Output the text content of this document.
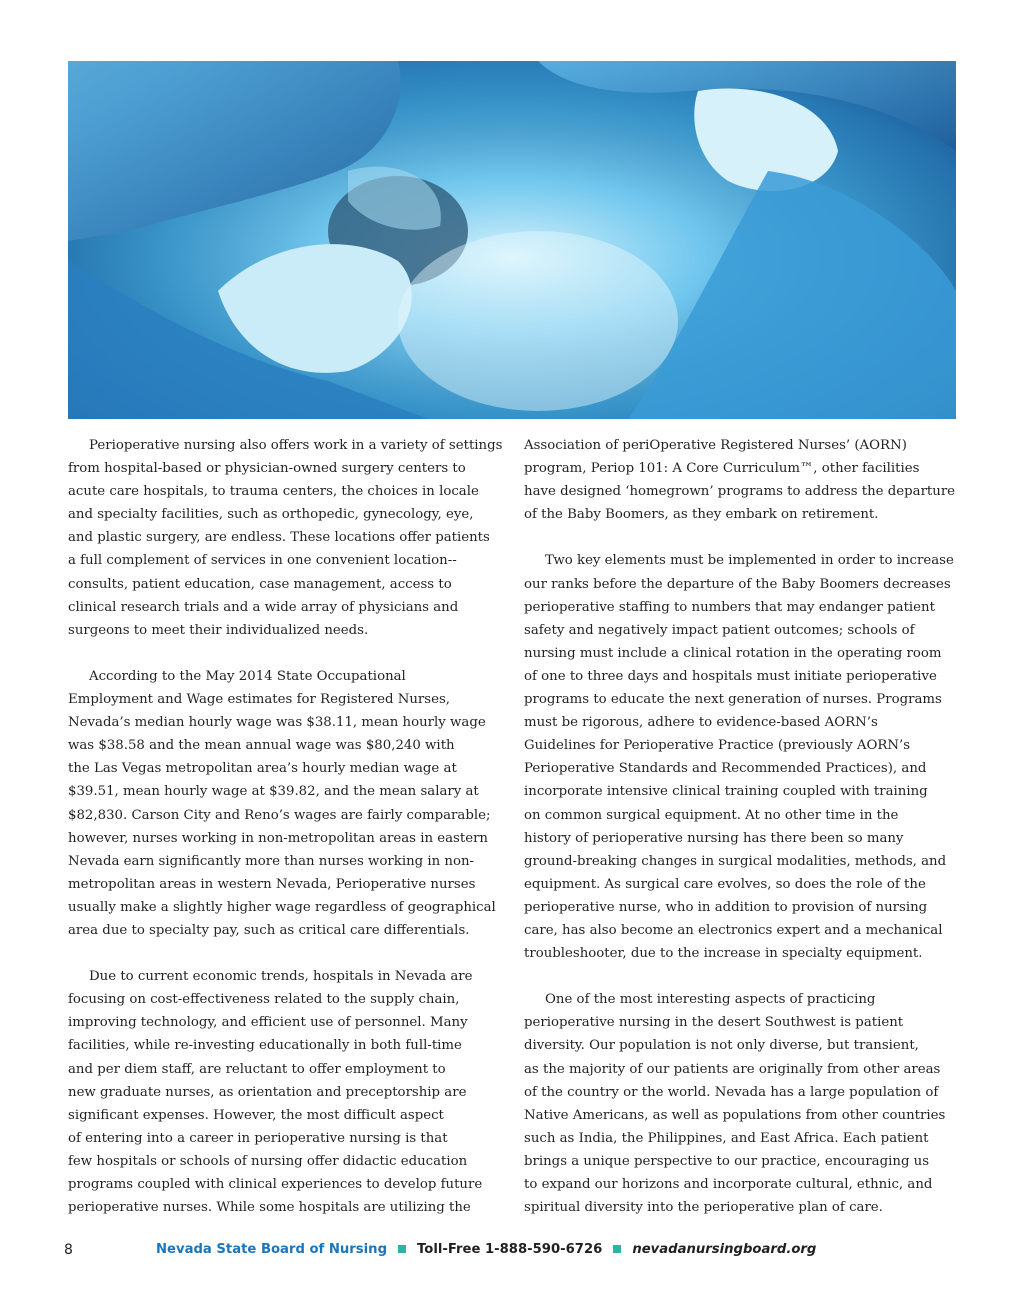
Perioperative nursing also offers work in a variety of settings

from hospital-based or physician-owned surgery centers to

acute care hospitals, to trauma centers, the choices in locale

and specialty facilities, such as orthopedic, gynecology, eye,

and plastic surgery, are endless. These locations offer patients

a full complement of services in one convenient location--

consults, patient education, case management, access to

clinical research trials and a wide array of physicians and

surgeons to meet their individualized needs.

According to the May 2014 State Occupational

Employment and Wage estimates for Registered Nurses,

Nevada’s median hourly wage was $38.11, mean hourly wage

was $38.58 and the mean annual wage was $80,240 with

the Las Vegas metropolitan area’s hourly median wage at

$39.51, mean hourly wage at $39.82, and the mean salary at

$82,830. Carson City and Reno’s wages are fairly comparable;

however, nurses working in non-metropolitan areas in eastern

Nevada earn significantly more than nurses working in non-

metropolitan areas in western Nevada, Perioperative nurses

usually make a slightly higher wage regardless of geographical

area due to specialty pay, such as critical care differentials.

Due to current economic trends, hospitals in Nevada are

focusing on cost-effectiveness related to the supply chain,

improving technology, and efficient use of personnel. Many

facilities, while re-investing educationally in both full-time

and per diem staff, are reluctant to offer employment to

new graduate nurses, as orientation and preceptorship are

significant expenses. However, the most difficult aspect

of entering into a career in perioperative nursing is that

few hospitals or schools of nursing offer didactic education

programs coupled with clinical experiences to develop future

perioperative nurses. While some hospitals are utilizing the

Association of periOperative Registered Nurses’ (AORN)

program, Periop 101: A Core Curriculum™, other facilities

have designed ‘homegrown’ programs to address the departure

of the Baby Boomers, as they embark on retirement.

Two key elements must be implemented in order to increase

our ranks before the departure of the Baby Boomers decreases

perioperative staffing to numbers that may endanger patient

safety and negatively impact patient outcomes; schools of

nursing must include a clinical rotation in the operating room

of one to three days and hospitals must initiate perioperative

programs to educate the next generation of nurses. Programs

must be rigorous, adhere to evidence-based AORN’s

Guidelines for Perioperative Practice (previously AORN’s

Perioperative Standards and Recommended Practices), and

incorporate intensive clinical training coupled with training

on common surgical equipment. At no other time in the

history of perioperative nursing has there been so many

ground-breaking changes in surgical modalities, methods, and

equipment. As surgical care evolves, so does the role of the

perioperative nurse, who in addition to provision of nursing

care, has also become an electronics expert and a mechanical

troubleshooter, due to the increase in specialty equipment.

One of the most interesting aspects of practicing

perioperative nursing in the desert Southwest is patient

diversity. Our population is not only diverse, but transient,

as the majority of our patients are originally from other areas

of the country or the world. Nevada has a large population of

Native Americans, as well as populations from other countries

such as India, the Philippines, and East Africa. Each patient

brings a unique perspective to our practice, encouraging us

to expand our horizons and incorporate cultural, ethnic, and

spiritual diversity into the perioperative plan of care.

8	Nevada State Board of Nursing Toll-Free 1-888-590-6726 nevadanursingboard.org
